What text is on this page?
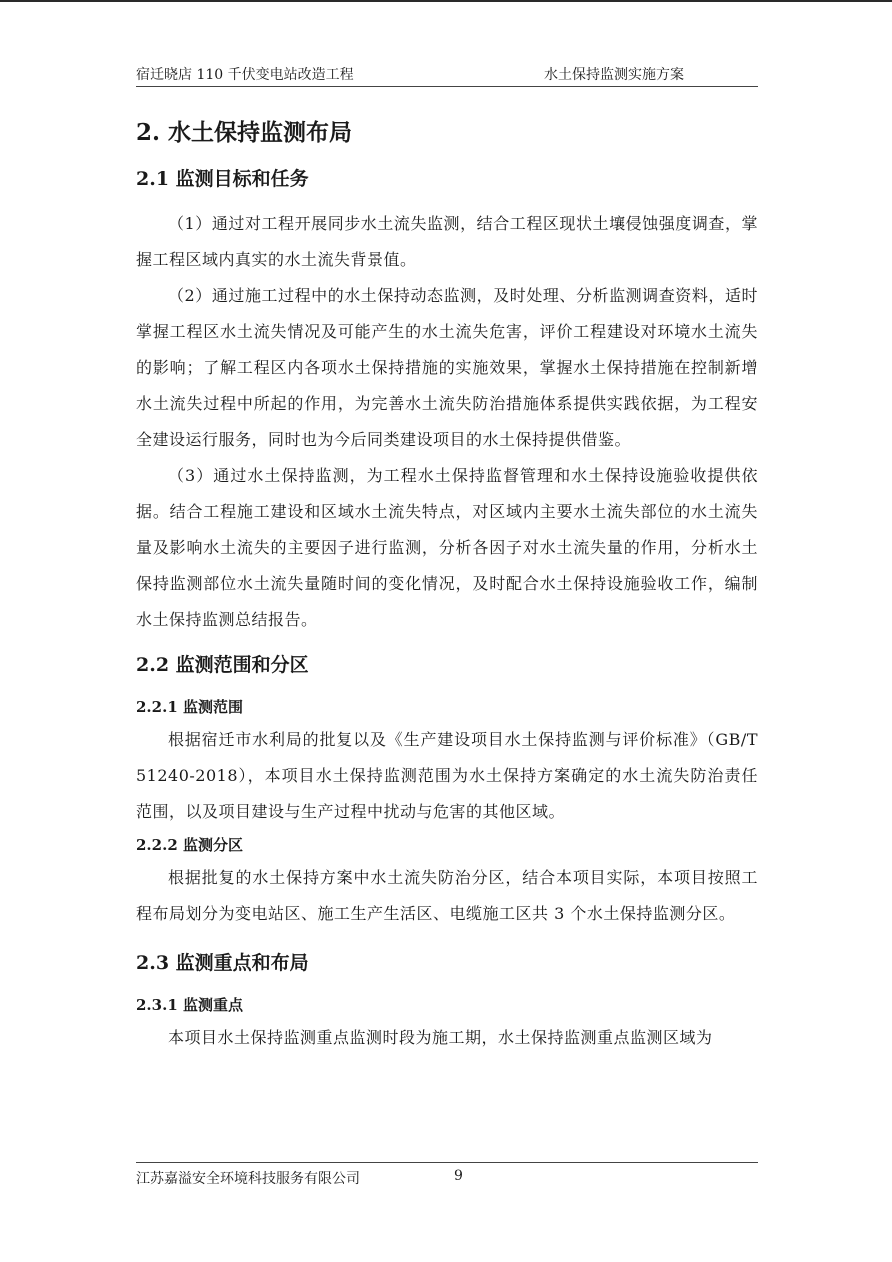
宿迁晓店 110 千伏变电站改造工程	水土保持监测实施方案
2. 水土保持监测布局
2.1 监测目标和任务

（1）通过对工程开展同步水土流失监测，结合工程区现状土壤侵蚀强度调查，掌握工程区域内真实的水土流失背景值。

（2）通过施工过程中的水土保持动态监测，及时处理、分析监测调查资料，适时掌握工程区水土流失情况及可能产生的水土流失危害，评价工程建设对环境水土流失的影响；了解工程区内各项水土保持措施的实施效果，掌握水土保持措施在控制新增水土流失过程中所起的作用，为完善水土流失防治措施体系提供实践依据，为工程安全建设运行服务，同时也为今后同类建设项目的水土保持提供借鉴。

（3）通过水土保持监测，为工程水土保持监督管理和水土保持设施验收提供依据。结合工程施工建设和区域水土流失特点，对区域内主要水土流失部位的水土流失量及影响水土流失的主要因子进行监测，分析各因子对水土流失量的作用，分析水土保持监测部位水土流失量随时间的变化情况，及时配合水土保持设施验收工作，编制水土保持监测总结报告。

2.2 监测范围和分区
2.2.1 监测范围

根据宿迁市水利局的批复以及《生产建设项目水土保持监测与评价标准》（GB/T 51240-2018），本项目水土保持监测范围为水土保持方案确定的水土流失防治责任范围，以及项目建设与生产过程中扰动与危害的其他区域。

2.2.2 监测分区

根据批复的水土保持方案中水土流失防治分区，结合本项目实际，本项目按照工程布局划分为变电站区、施工生产生活区、电缆施工区共 3 个水土保持监测分区。

2.3 监测重点和布局
2.3.1 监测重点

本项目水土保持监测重点监测时段为施工期，水土保持监测重点监测区域为

江苏嘉溢安全环境科技服务有限公司	9
